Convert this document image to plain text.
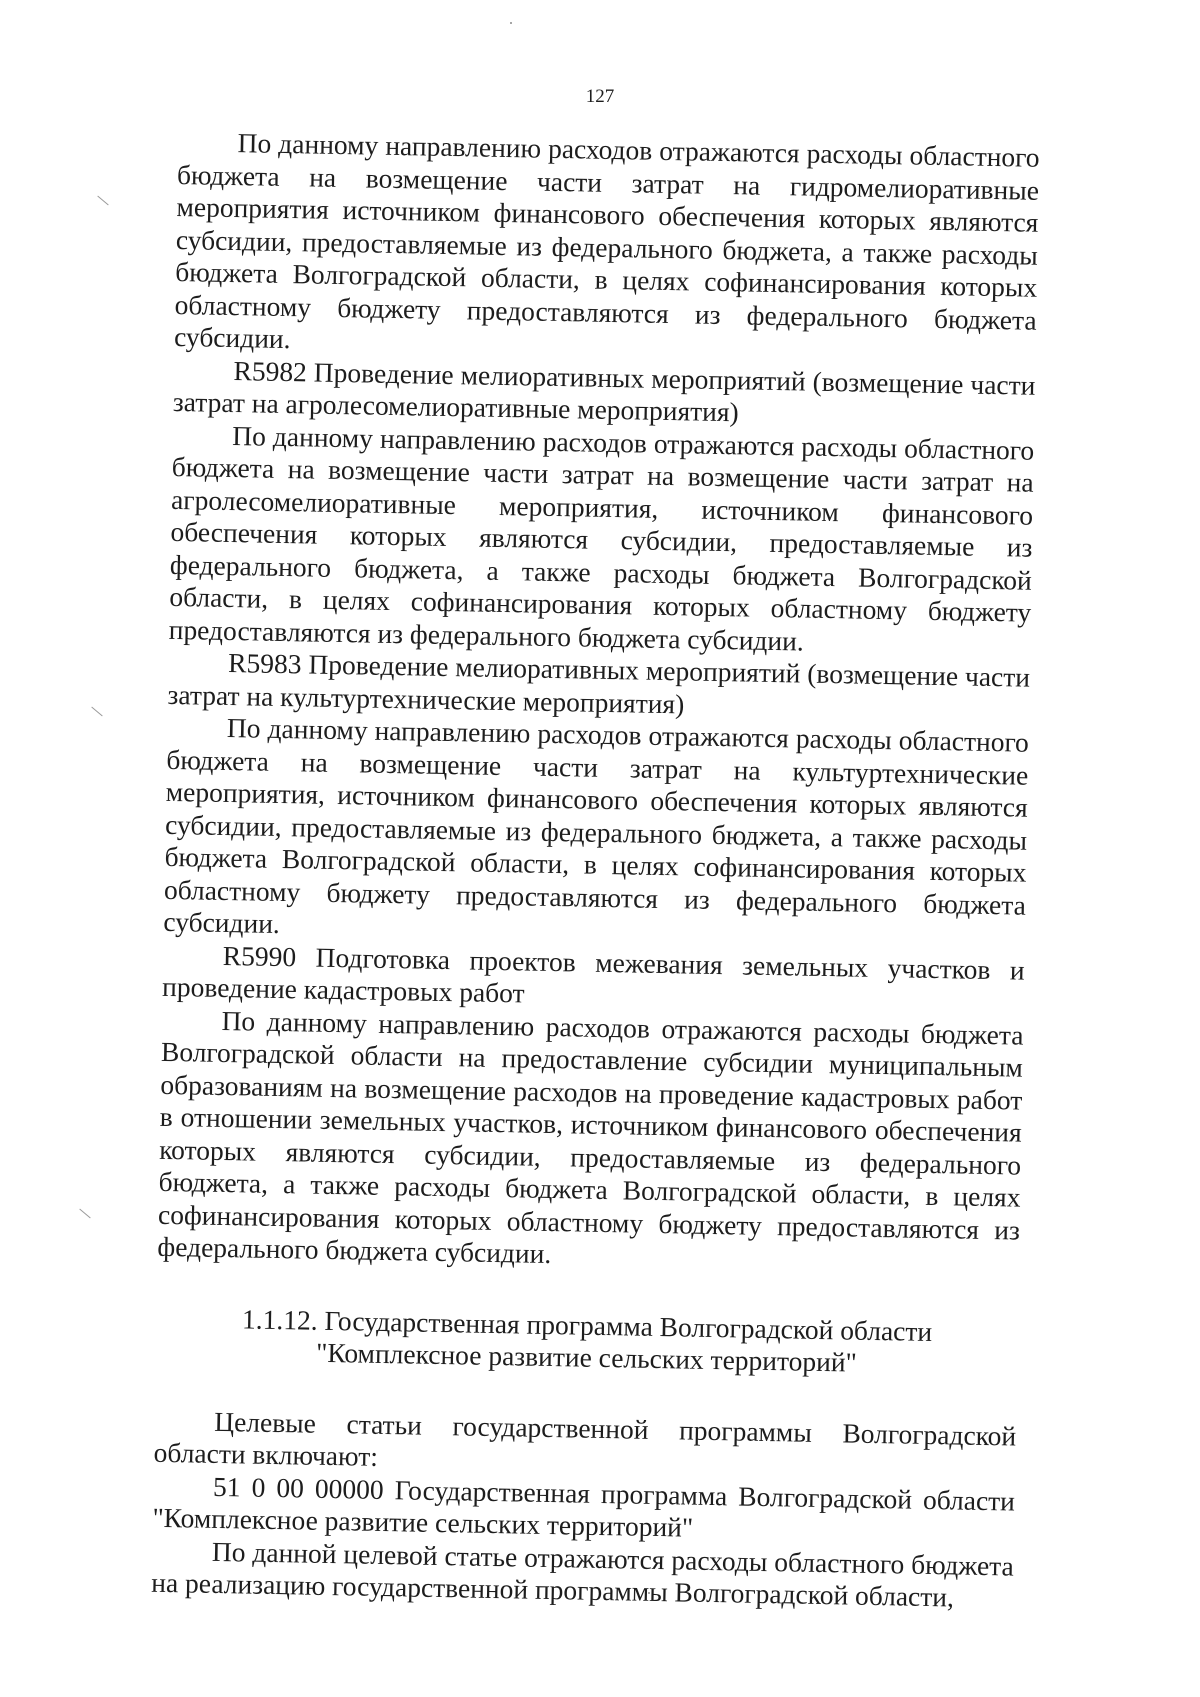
127

По данному направлению расходов отражаются расходы областного бюджета на возмещение части затрат на гидромелиоративные мероприятия источником финансового обеспечения которых являются субсидии, предоставляемые из федерального бюджета, а также расходы бюджета Волгоградской области, в целях софинансирования которых областному бюджету предоставляются из федерального бюджета субсидии.

R5982 Проведение мелиоративных мероприятий (возмещение части затрат на агролесомелиоративные мероприятия)

По данному направлению расходов отражаются расходы областного бюджета на возмещение части затрат на возмещение части затрат на агролесомелиоративные мероприятия, источником финансового обеспечения которых являются субсидии, предоставляемые из федерального бюджета, а также расходы бюджета Волгоградской области, в целях софинансирования которых областному бюджету предоставляются из федерального бюджета субсидии.

R5983 Проведение мелиоративных мероприятий (возмещение части затрат на культуртехнические мероприятия)

По данному направлению расходов отражаются расходы областного бюджета на возмещение части затрат на культуртехнические мероприятия, источником финансового обеспечения которых являются субсидии, предоставляемые из федерального бюджета, а также расходы бюджета Волгоградской области, в целях софинансирования которых областному бюджету предоставляются из федерального бюджета субсидии.

R5990 Подготовка проектов межевания земельных участков и проведение кадастровых работ

По данному направлению расходов отражаются расходы бюджета Волгоградской области на предоставление субсидии муниципальным образованиям на возмещение расходов на проведение кадастровых работ в отношении земельных участков, источником финансового обеспечения которых являются субсидии, предоставляемые из федерального бюджета, а также расходы бюджета Волгоградской области, в целях софинансирования которых областному бюджету предоставляются из федерального бюджета субсидии.

1.1.12. Государственная программа Волгоградской области
"Комплексное развитие сельских территорий"

Целевые статьи государственной программы Волгоградской области включают:

51 0 00 00000 Государственная программа Волгоградской области "Комплексное развитие сельских территорий"

По данной целевой статье отражаются расходы областного бюджета на реализацию государственной программы Волгоградской области,
